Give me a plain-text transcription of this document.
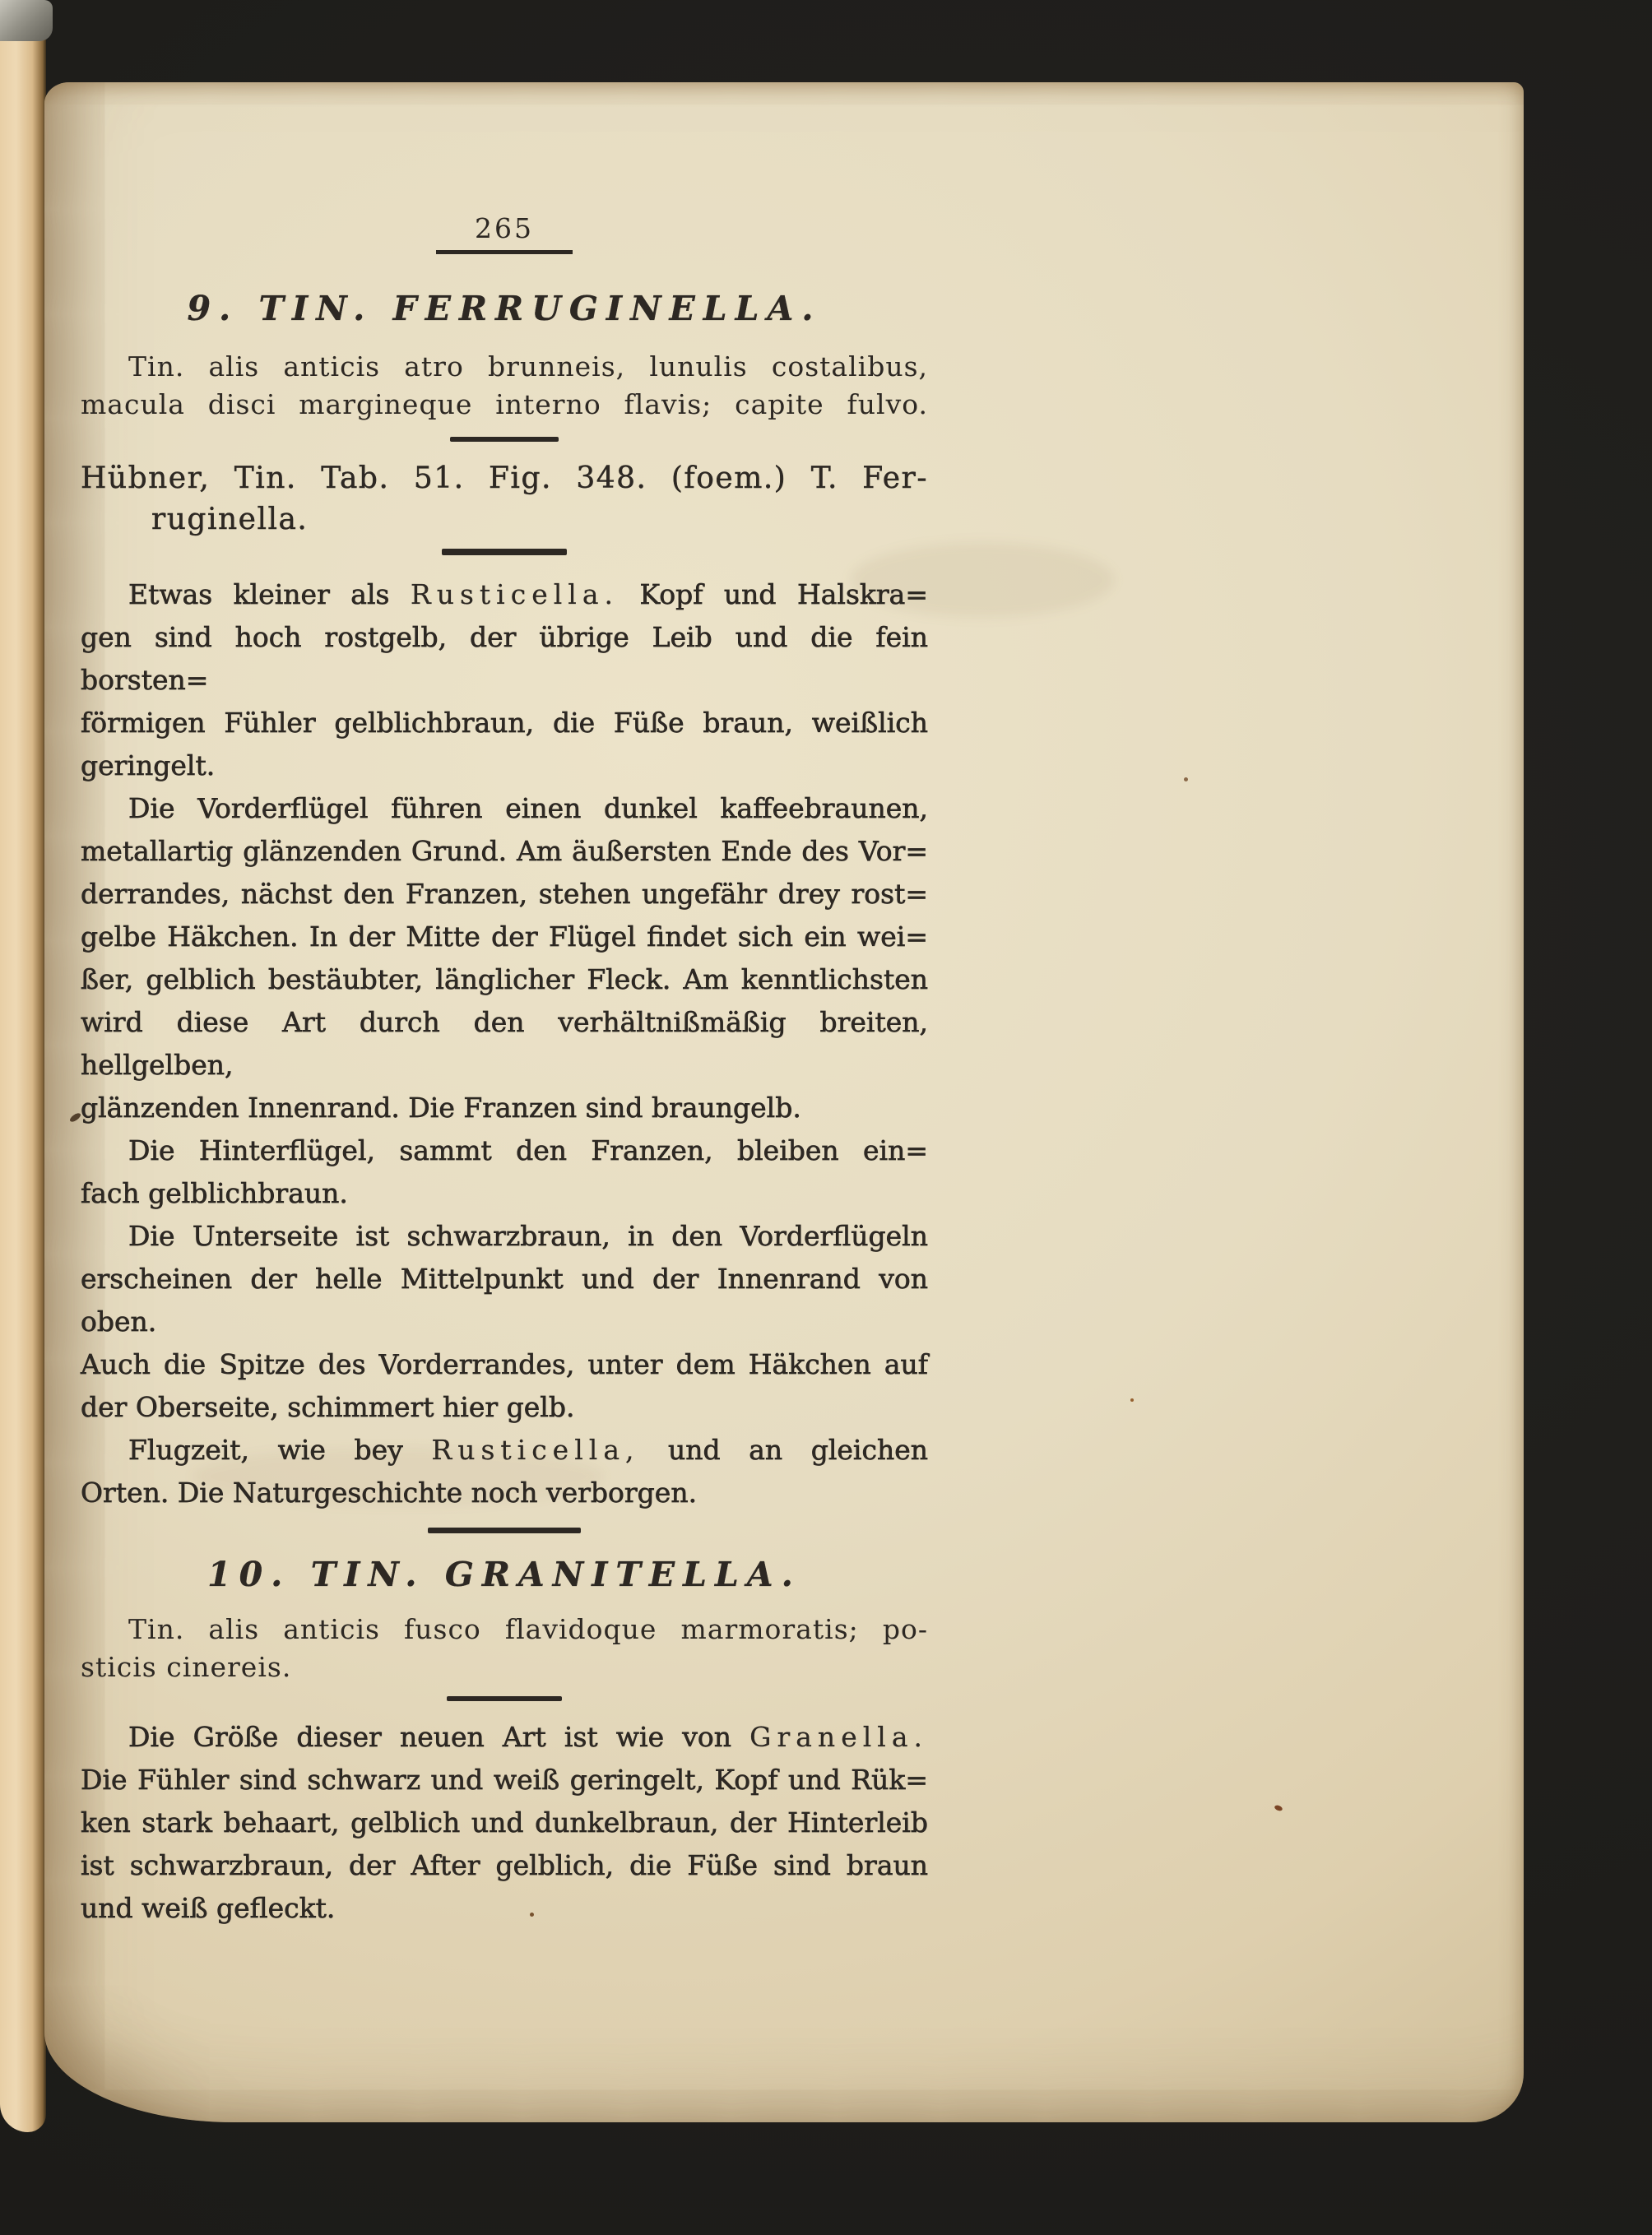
265

9. TIN. FERRUGINELLA.

Tin. alis anticis atro brunneis, lunulis costalibus,

macula disci margineque interno flavis; capite fulvo.

Hübner, Tin. Tab. 51. Fig. 348. (foem.) T. Fer-

ruginella.

Etwas kleiner als Rusticella. Kopf und Halskra=

gen sind hoch rostgelb, der übrige Leib und die fein borsten=

förmigen Fühler gelblichbraun, die Füße braun, weißlich

geringelt.

Die Vorderflügel führen einen dunkel kaffeebraunen,

metallartig glänzenden Grund. Am äußersten Ende des Vor=

derrandes, nächst den Franzen, stehen ungefähr drey rost=

gelbe Häkchen. In der Mitte der Flügel findet sich ein wei=

ßer, gelblich bestäubter, länglicher Fleck. Am kenntlichsten

wird diese Art durch den verhältnißmäßig breiten, hellgelben,

glänzenden Innenrand. Die Franzen sind braungelb.

Die Hinterflügel, sammt den Franzen, bleiben ein=

fach gelblichbraun.

Die Unterseite ist schwarzbraun, in den Vorderflügeln

erscheinen der helle Mittelpunkt und der Innenrand von oben.

Auch die Spitze des Vorderrandes, unter dem Häkchen auf

der Oberseite, schimmert hier gelb.

Flugzeit, wie bey Rusticella, und an gleichen

Orten. Die Naturgeschichte noch verborgen.

10. TIN. GRANITELLA.

Tin. alis anticis fusco flavidoque marmoratis; po-

sticis cinereis.

Die Größe dieser neuen Art ist wie von Granella.

Die Fühler sind schwarz und weiß geringelt, Kopf und Rük=

ken stark behaart, gelblich und dunkelbraun, der Hinterleib

ist schwarzbraun, der After gelblich, die Füße sind braun

und weiß gefleckt.
